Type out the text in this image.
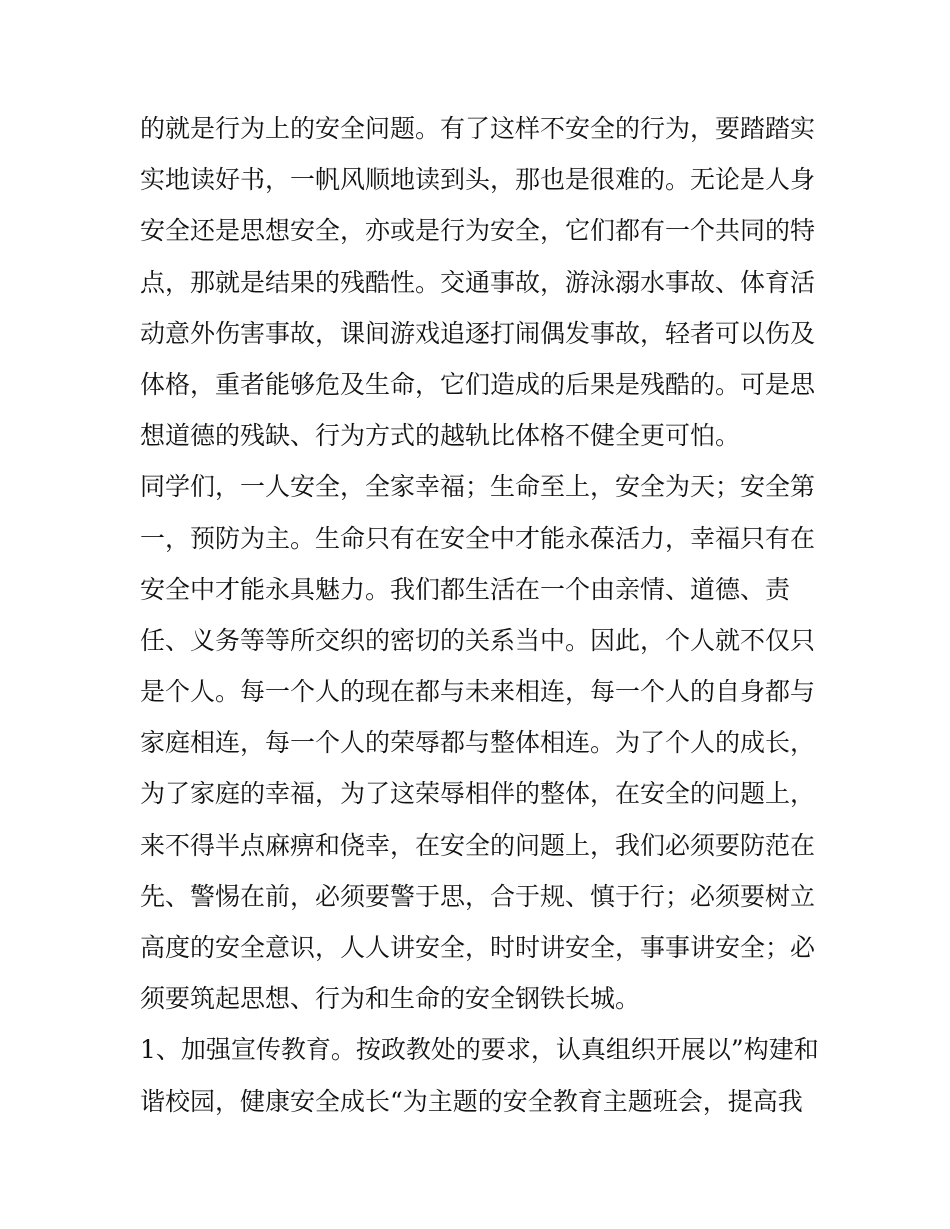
的就是行为上的安全问题。有了这样不安全的行为，要踏踏实
实地读好书，一帆风顺地读到头，那也是很难的。无论是人身
安全还是思想安全，亦或是行为安全，它们都有一个共同的特
点，那就是结果的残酷性。交通事故，游泳溺水事故、体育活
动意外伤害事故，课间游戏追逐打闹偶发事故，轻者可以伤及
体格，重者能够危及生命，它们造成的后果是残酷的。可是思
想道德的残缺、行为方式的越轨比体格不健全更可怕。
同学们，一人安全，全家幸福；生命至上，安全为天；安全第
一，预防为主。生命只有在安全中才能永葆活力，幸福只有在
安全中才能永具魅力。我们都生活在一个由亲情、道德、责
任、义务等等所交织的密切的关系当中。因此，个人就不仅只
是个人。每一个人的现在都与未来相连，每一个人的自身都与
家庭相连，每一个人的荣辱都与整体相连。为了个人的成长，
为了家庭的幸福，为了这荣辱相伴的整体，在安全的问题上，
来不得半点麻痹和侥幸，在安全的问题上，我们必须要防范在
先、警惕在前，必须要警于思，合于规、慎于行；必须要树立
高度的安全意识，人人讲安全，时时讲安全，事事讲安全；必
须要筑起思想、行为和生命的安全钢铁长城。
1、加强宣传教育。按政教处的要求，认真组织开展以”构建和
谐校园，健康安全成长“为主题的安全教育主题班会，提高我
